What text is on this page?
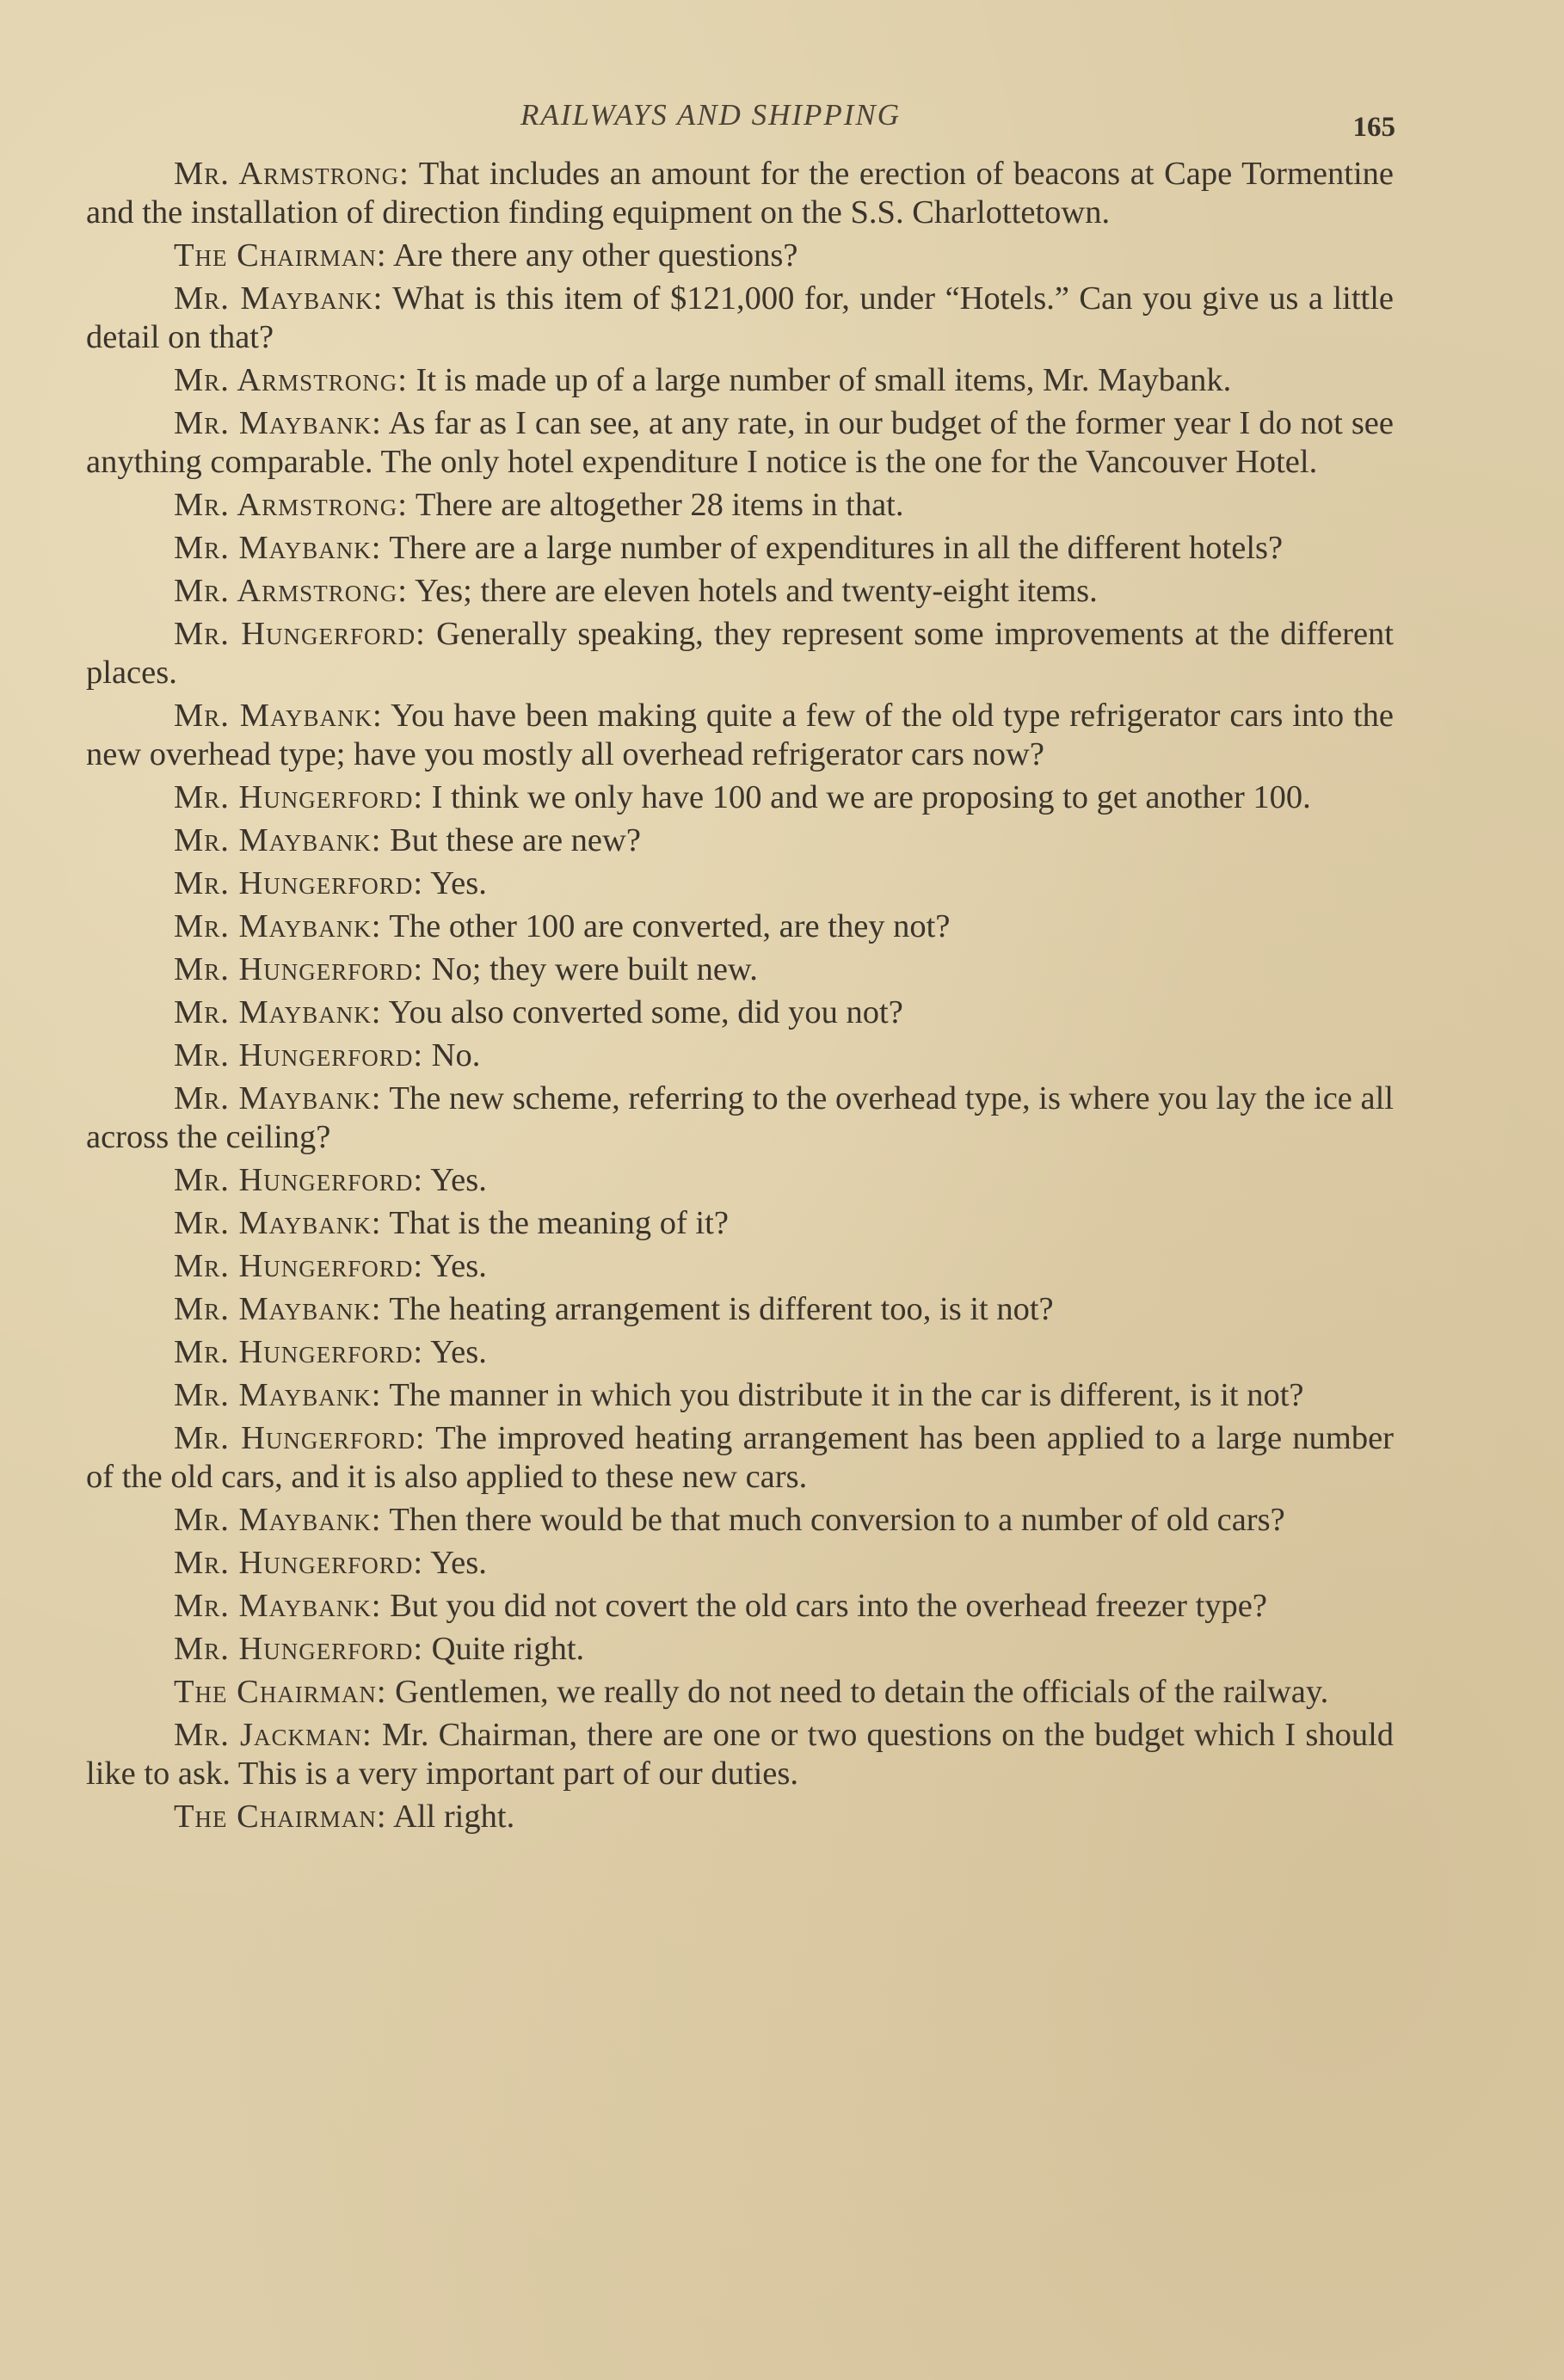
RAILWAYS AND SHIPPING	165

Mr. Armstrong: That includes an amount for the erection of beacons at Cape Tormentine and the installation of direction finding equipment on the S.S. Charlottetown.

The Chairman: Are there any other questions?

Mr. Maybank: What is this item of $121,000 for, under “Hotels.” Can you give us a little detail on that?

Mr. Armstrong: It is made up of a large number of small items, Mr. Maybank.

Mr. Maybank: As far as I can see, at any rate, in our budget of the former year I do not see anything comparable. The only hotel expenditure I notice is the one for the Vancouver Hotel.

Mr. Armstrong: There are altogether 28 items in that.

Mr. Maybank: There are a large number of expenditures in all the different hotels?

Mr. Armstrong: Yes; there are eleven hotels and twenty-eight items.

Mr. Hungerford: Generally speaking, they represent some improvements at the different places.

Mr. Maybank: You have been making quite a few of the old type refrigerator cars into the new overhead type; have you mostly all overhead refrigerator cars now?

Mr. Hungerford: I think we only have 100 and we are proposing to get another 100.

Mr. Maybank: But these are new?

Mr. Hungerford: Yes.

Mr. Maybank: The other 100 are converted, are they not?

Mr. Hungerford: No; they were built new.

Mr. Maybank: You also converted some, did you not?

Mr. Hungerford: No.

Mr. Maybank: The new scheme, referring to the overhead type, is where you lay the ice all across the ceiling?

Mr. Hungerford: Yes.

Mr. Maybank: That is the meaning of it?

Mr. Hungerford: Yes.

Mr. Maybank: The heating arrangement is different too, is it not?

Mr. Hungerford: Yes.

Mr. Maybank: The manner in which you distribute it in the car is different, is it not?

Mr. Hungerford: The improved heating arrangement has been applied to a large number of the old cars, and it is also applied to these new cars.

Mr. Maybank: Then there would be that much conversion to a number of old cars?

Mr. Hungerford: Yes.

Mr. Maybank: But you did not covert the old cars into the overhead freezer type?

Mr. Hungerford: Quite right.

The Chairman: Gentlemen, we really do not need to detain the officials of the railway.

Mr. Jackman: Mr. Chairman, there are one or two questions on the budget which I should like to ask. This is a very important part of our duties.

The Chairman: All right.
